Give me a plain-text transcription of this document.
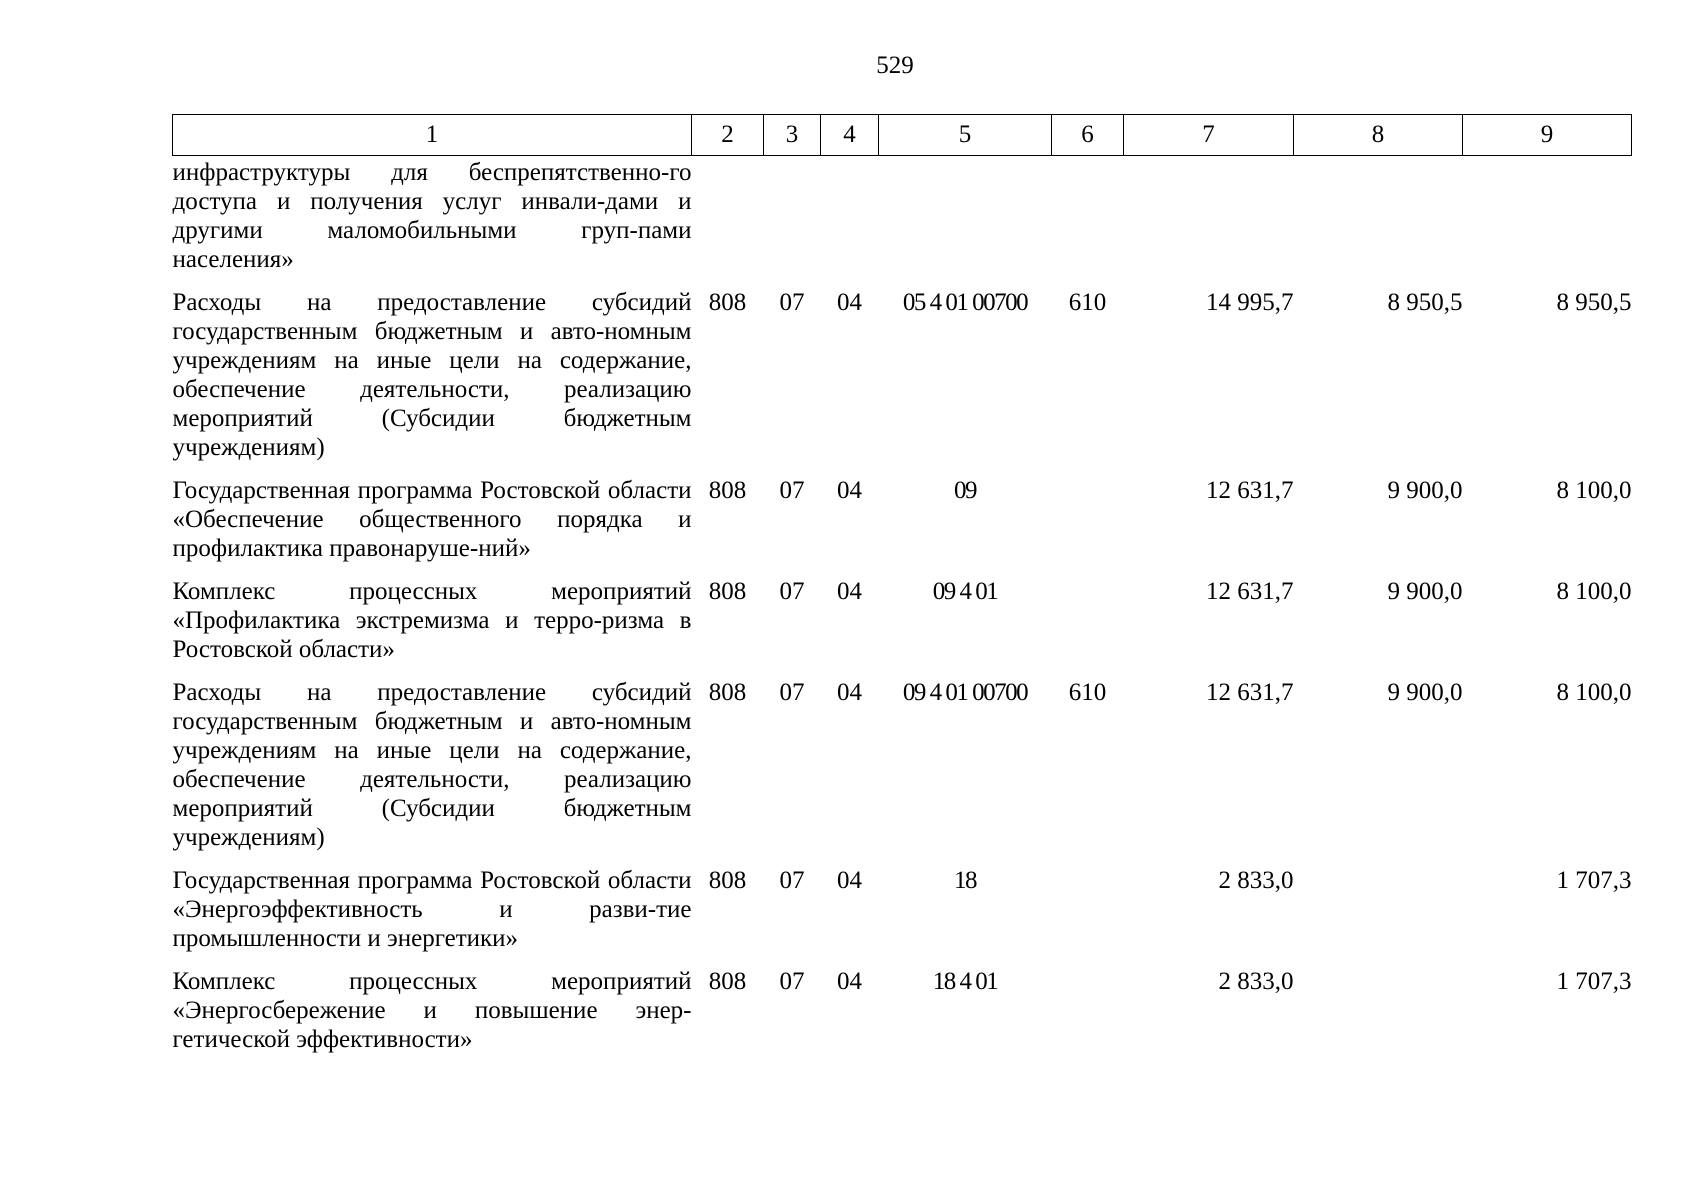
529
1	2	3	4	5	6	7	8	9
инфраструктуры для беспрепятственно-го доступа и получения услуг инвали-дами и другими маломобильными груп-пами населения»								
Расходы на предоставление субсидий государственным бюджетным и авто-номным учреждениям на иные цели на содержание, обеспечение деятельности, реализацию мероприятий (Субсидии бюджетным учреждениям)	808	07	04	05 4 01 00700	610	14 995,7	8 950,5	8 950,5
Государственная программа Ростовской области «Обеспечение общественного порядка и профилактика правонаруше-ний»	808	07	04	09		12 631,7	9 900,0	8 100,0
Комплекс процессных мероприятий «Профилактика экстремизма и терро-ризма в Ростовской области»	808	07	04	09 4 01		12 631,7	9 900,0	8 100,0
Расходы на предоставление субсидий государственным бюджетным и авто-номным учреждениям на иные цели на содержание, обеспечение деятельности, реализацию мероприятий (Субсидии бюджетным учреждениям)	808	07	04	09 4 01 00700	610	12 631,7	9 900,0	8 100,0
Государственная программа Ростовской области «Энергоэффективность и разви-тие промышленности и энергетики»	808	07	04	18		2 833,0		1 707,3
Комплекс процессных мероприятий «Энергосбережение и повышение энер-гетической эффективности»	808	07	04	18 4 01		2 833,0		1 707,3
